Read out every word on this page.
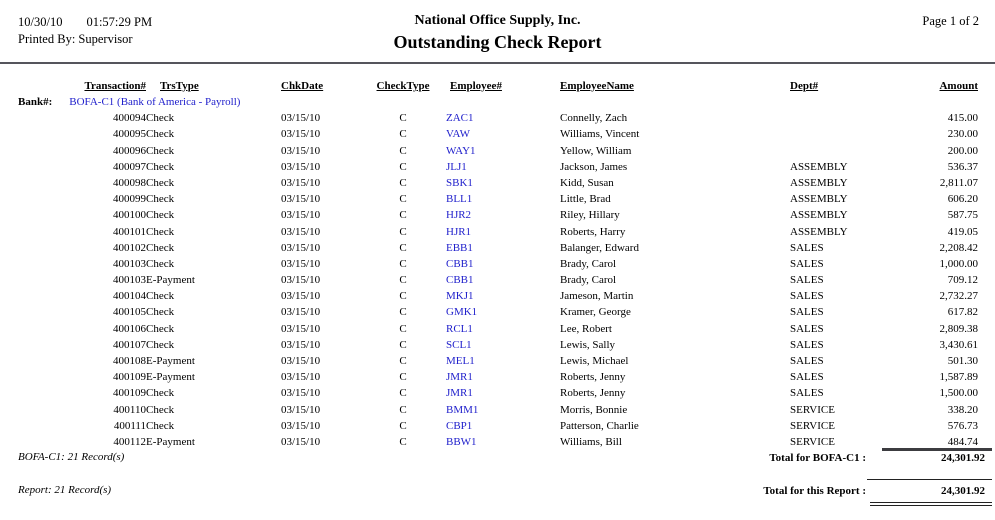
10/30/10 01:57:29 PM
Printed By: Supervisor
National Office Supply, Inc.
Outstanding Check Report
Page 1 of 2
Transaction#	TrsType	ChkDate	CheckType	Employee#	EmployeeName	Dept#	Amount
Bank#: BOFA-C1 (Bank of America - Payroll)							
400094	Check	03/15/10	C	ZAC1	Connelly, Zach		415.00
400095	Check	03/15/10	C	VAW	Williams, Vincent		230.00
400096	Check	03/15/10	C	WAY1	Yellow, William		200.00
400097	Check	03/15/10	C	JLJ1	Jackson, James	ASSEMBLY	536.37
400098	Check	03/15/10	C	SBK1	Kidd, Susan	ASSEMBLY	2,811.07
400099	Check	03/15/10	C	BLL1	Little, Brad	ASSEMBLY	606.20
400100	Check	03/15/10	C	HJR2	Riley, Hillary	ASSEMBLY	587.75
400101	Check	03/15/10	C	HJR1	Roberts, Harry	ASSEMBLY	419.05
400102	Check	03/15/10	C	EBB1	Balanger, Edward	SALES	2,208.42
400103	Check	03/15/10	C	CBB1	Brady, Carol	SALES	1,000.00
400103	E-Payment	03/15/10	C	CBB1	Brady, Carol	SALES	709.12
400104	Check	03/15/10	C	MKJ1	Jameson, Martin	SALES	2,732.27
400105	Check	03/15/10	C	GMK1	Kramer, George	SALES	617.82
400106	Check	03/15/10	C	RCL1	Lee, Robert	SALES	2,809.38
400107	Check	03/15/10	C	SCL1	Lewis, Sally	SALES	3,430.61
400108	E-Payment	03/15/10	C	MEL1	Lewis, Michael	SALES	501.30
400109	E-Payment	03/15/10	C	JMR1	Roberts, Jenny	SALES	1,587.89
400109	Check	03/15/10	C	JMR1	Roberts, Jenny	SALES	1,500.00
400110	Check	03/15/10	C	BMM1	Morris, Bonnie	SERVICE	338.20
400111	Check	03/15/10	C	CBP1	Patterson, Charlie	SERVICE	576.73
400112	E-Payment	03/15/10	C	BBW1	Williams, Bill	SERVICE	484.74
BOFA-C1: 21 Record(s)	Total for BOFA-C1 :	24,301.92
Report: 21 Record(s)	Total for this Report :	24,301.92
